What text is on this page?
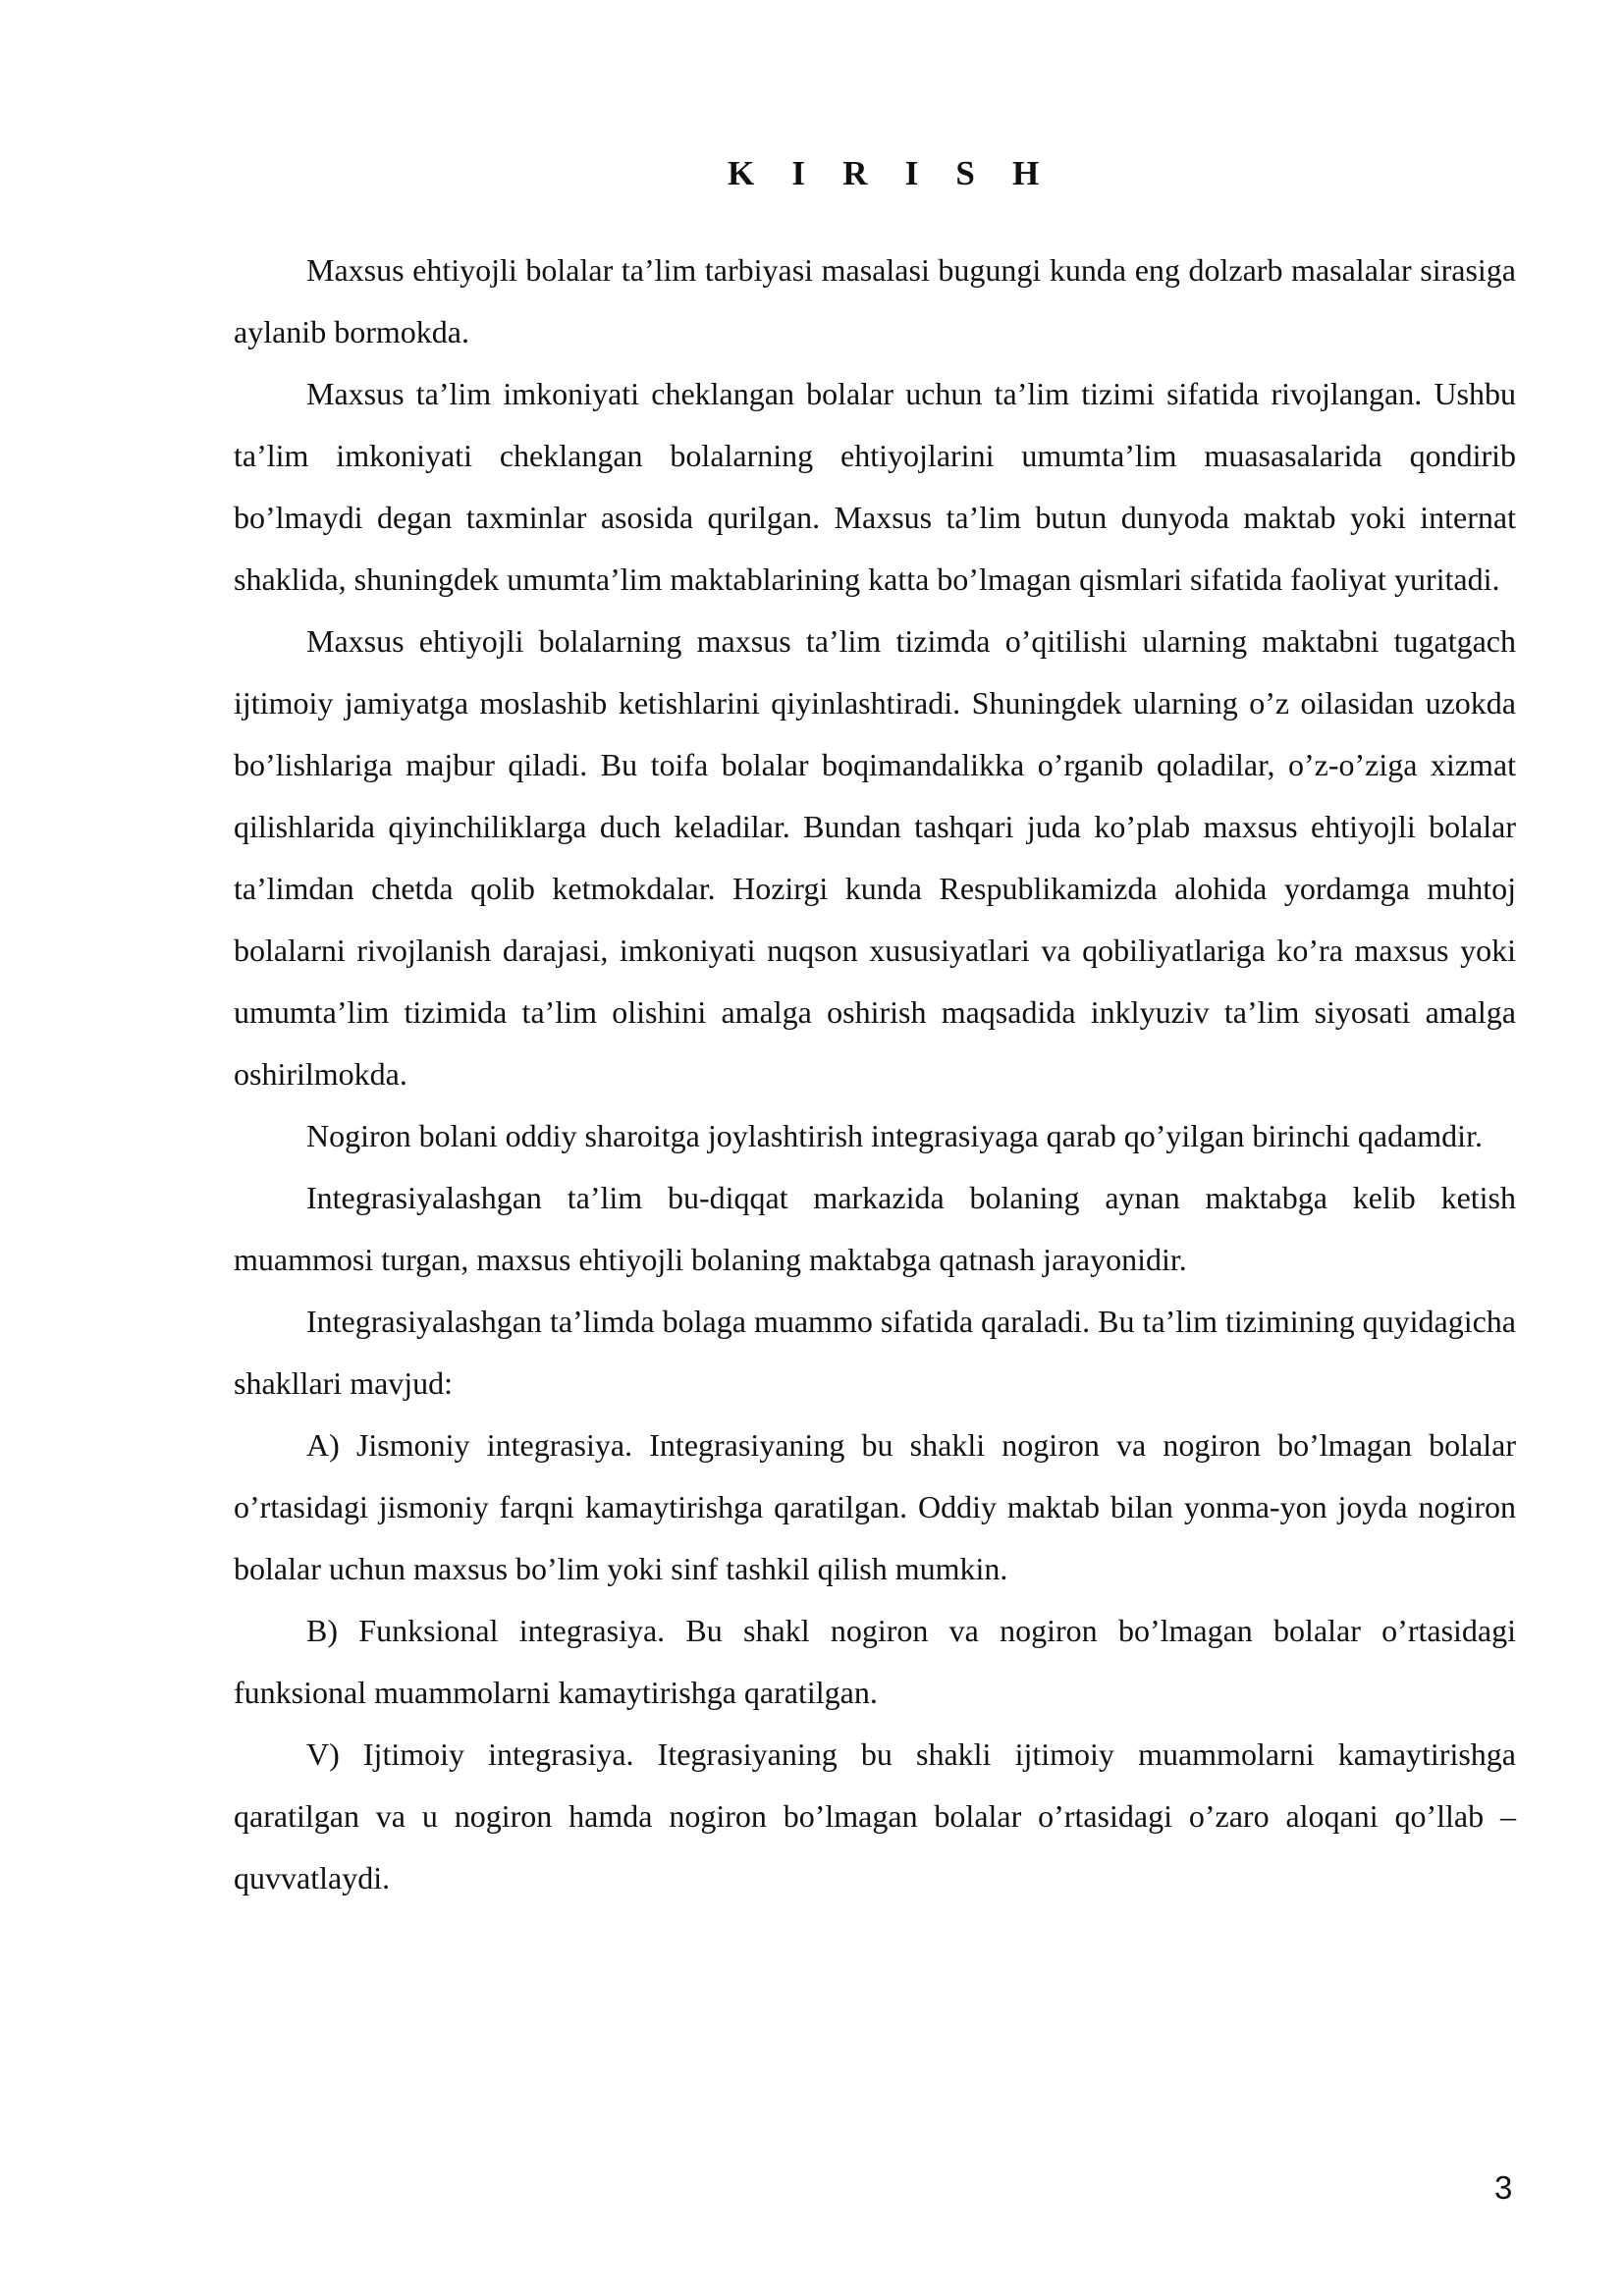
K I R I S H

Maxsus ehtiyojli bolalar ta’lim tarbiyasi masalasi bugungi kunda eng dolzarb masalalar sirasiga aylanib bormokda.

Maxsus ta’lim imkoniyati cheklangan bolalar uchun ta’lim tizimi sifatida rivojlangan. Ushbu ta’lim imkoniyati cheklangan bolalarning ehtiyojlarini umumta’lim muasasalarida qondirib bo’lmaydi degan taxminlar asosida qurilgan. Maxsus ta’lim butun dunyoda maktab yoki internat shaklida, shuningdek umumta’lim maktablarining katta bo’lmagan qismlari sifatida faoliyat yuritadi.

Maxsus ehtiyojli bolalarning maxsus ta’lim tizimda o’qitilishi ularning maktabni tugatgach ijtimoiy jamiyatga moslashib ketishlarini qiyinlashtiradi. Shuningdek ularning o’z oilasidan uzokda bo’lishlariga majbur qiladi. Bu toifa bolalar boqimandalikka o’rganib qoladilar, o’z-o’ziga xizmat qilishlarida qiyinchiliklarga duch keladilar. Bundan tashqari juda ko’plab maxsus ehtiyojli bolalar ta’limdan chetda qolib ketmokdalar. Hozirgi kunda Respublikamizda alohida yordamga muhtoj bolalarni rivojlanish darajasi, imkoniyati nuqson xususiyatlari va qobiliyatlariga ko’ra maxsus yoki umumta’lim tizimida ta’lim olishini amalga oshirish maqsadida inklyuziv ta’lim siyosati amalga oshirilmokda.

Nogiron bolani oddiy sharoitga joylashtirish integrasiyaga qarab qo’yilgan birinchi qadamdir.

Integrasiyalashgan ta’lim bu-diqqat markazida bolaning aynan maktabga kelib ketish muammosi turgan, maxsus ehtiyojli bolaning maktabga qatnash jarayonidir.

Integrasiyalashgan ta’limda bolaga muammo sifatida qaraladi. Bu ta’lim tizimining quyidagicha shakllari mavjud:

A) Jismoniy integrasiya. Integrasiyaning bu shakli nogiron va nogiron bo’lmagan bolalar o’rtasidagi jismoniy farqni kamaytirishga qaratilgan. Oddiy maktab bilan yonma-yon joyda nogiron bolalar uchun maxsus bo’lim yoki sinf tashkil qilish mumkin.

B) Funksional integrasiya. Bu shakl nogiron va nogiron bo’lmagan bolalar o’rtasidagi funksional muammolarni kamaytirishga qaratilgan.

V) Ijtimoiy integrasiya. Itegrasiyaning bu shakli ijtimoiy muammolarni kamaytirishga qaratilgan va u nogiron hamda nogiron bo’lmagan bolalar o’rtasidagi o’zaro aloqani qo’llab – quvvatlaydi.

3
